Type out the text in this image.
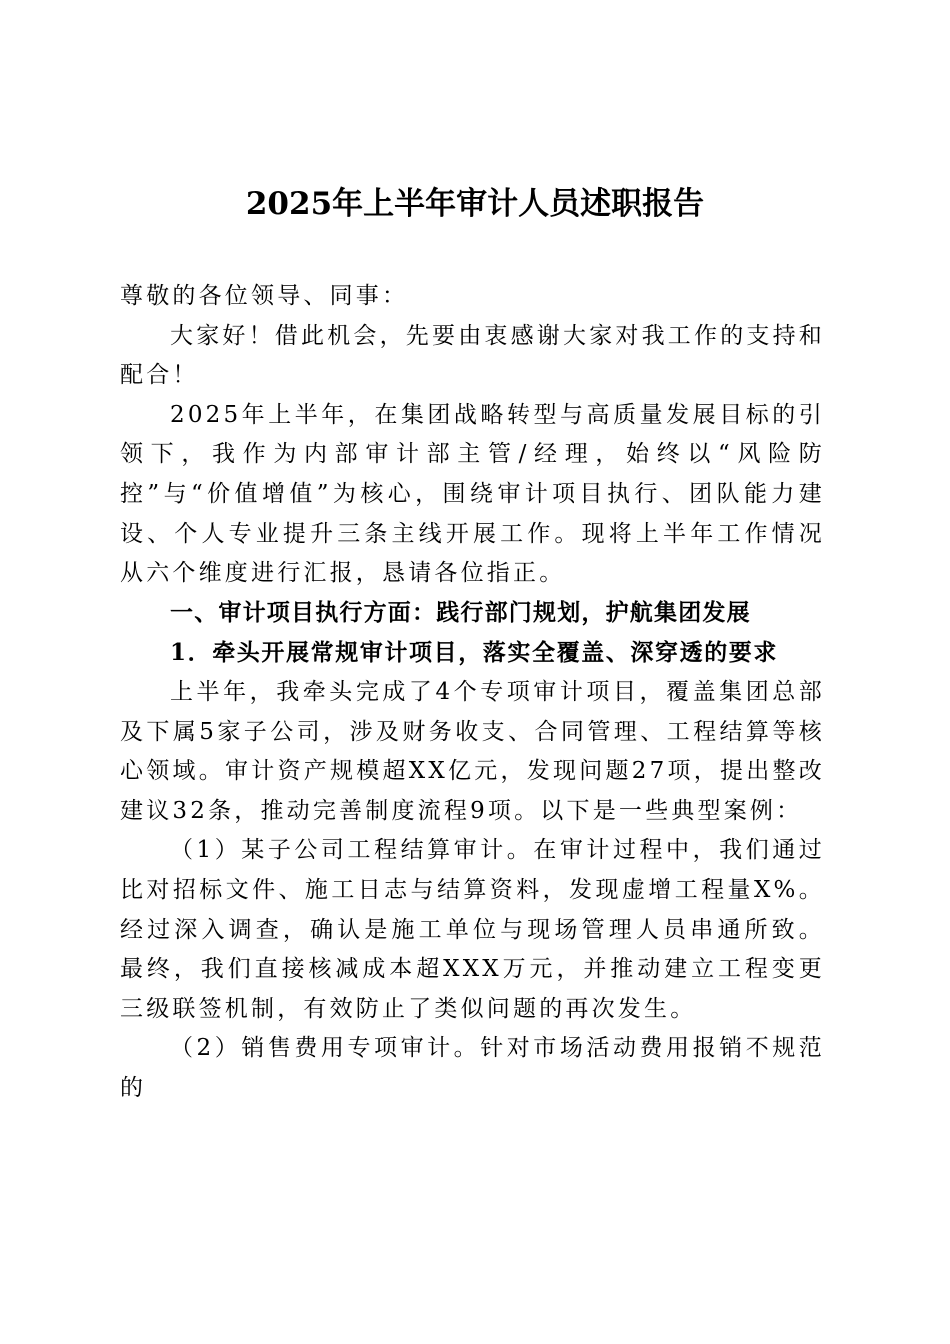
2025年上半年审计人员述职报告

尊敬的各位领导、同事：

大家好！借此机会，先要由衷感谢大家对我工作的支持和配合！

2025年上半年，在集团战略转型与高质量发展目标的引领下，我作为内部审计部主管/经理，始终以“风险防控”与“价值增值”为核心，围绕审计项目执行、团队能力建设、个人专业提升三条主线开展工作。现将上半年工作情况从六个维度进行汇报，恳请各位指正。

一、审计项目执行方面：践行部门规划，护航集团发展

1．牵头开展常规审计项目，落实全覆盖、深穿透的要求

上半年，我牵头完成了4个专项审计项目，覆盖集团总部及下属5家子公司，涉及财务收支、合同管理、工程结算等核心领域。审计资产规模超XX亿元，发现问题27项，提出整改建议32条，推动完善制度流程9项。以下是一些典型案例：

（1）某子公司工程结算审计。在审计过程中，我们通过比对招标文件、施工日志与结算资料，发现虚增工程量X%。经过深入调查，确认是施工单位与现场管理人员串通所致。最终，我们直接核减成本超XXX万元，并推动建立工程变更三级联签机制，有效防止了类似问题的再次发生。

（2）销售费用专项审计。针对市场活动费用报销不规范的
